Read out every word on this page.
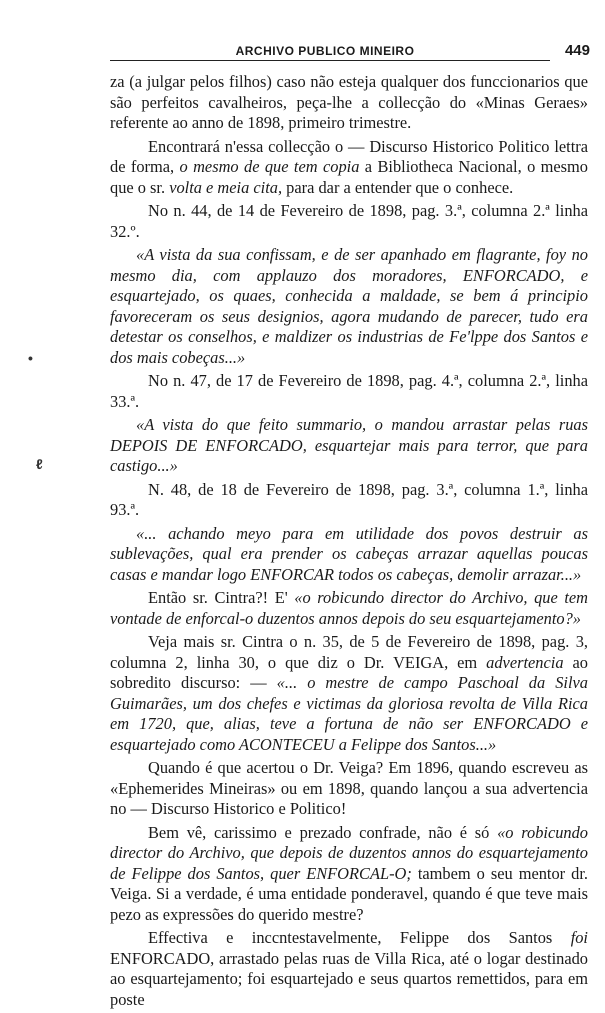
ARCHIVO PUBLICO MINEIRO	449
•
ℓ

za (a julgar pelos filhos) caso não esteja qualquer dos funccionarios que são perfeitos cavalheiros, peça-lhe a collecção do «Minas Geraes» referente ao anno de 1898, primeiro trimestre.

Encontrará n'essa collecção o — Discurso Historico Politico lettra de forma, o mesmo de que tem copia a Bibliotheca Nacional, o mesmo que o sr. volta e meia cita, para dar a entender que o conhece.

No n. 44, de 14 de Fevereiro de 1898, pag. 3.ª, columna 2.ª linha 32.º.

«A vista da sua confissam, e de ser apanhado em flagrante, foy no mesmo dia, com applauzo dos moradores, ENFORCADO, e esquartejado, os quaes, conhecida a maldade, se bem á principio favoreceram os seus designios, agora mudando de parecer, tudo era detestar os conselhos, e maldizer os industrias de Fe'lppe dos Santos e dos mais cobeças...»

No n. 47, de 17 de Fevereiro de 1898, pag. 4.ª, columna 2.ª, linha 33.ª.

«A vista do que feito summario, o mandou arrastar pelas ruas DEPOIS DE ENFORCADO, esquartejar mais para terror, que para castigo...»

N. 48, de 18 de Fevereiro de 1898, pag. 3.ª, columna 1.ª, linha 93.ª.

«... achando meyo para em utilidade dos povos destruir as sublevações, qual era prender os cabeças arrazar aquellas poucas casas e mandar logo ENFORCAR todos os cabeças, demolir arrazar...»

Então sr. Cintra?! E' «o robicundo director do Archivo, que tem vontade de enforcal-o duzentos annos depois do seu esquartejamento?»

Veja mais sr. Cintra o n. 35, de 5 de Fevereiro de 1898, pag. 3, columna 2, linha 30, o que diz o Dr. VEIGA, em advertencia ao sobredito discurso: — «... o mestre de campo Paschoal da Silva Guimarães, um dos chefes e victimas da gloriosa revolta de Villa Rica em 1720, que, alias, teve a fortuna de não ser ENFORCADO e esquartejado como ACONTECEU a Felippe dos Santos...»

Quando é que acertou o Dr. Veiga? Em 1896, quando escreveu as «Ephemerides Mineiras» ou em 1898, quando lançou a sua advertencia no — Discurso Historico e Politico!

Bem vê, carissimo e prezado confrade, não é só «o robicundo director do Archivo, que depois de duzentos annos do esquartejamento de Felippe dos Santos, quer ENFORCAL-O; tambem o seu mentor dr. Veiga. Si a verdade, é uma entidade ponderavel, quando é que teve mais pezo as expressões do querido mestre?

Effectiva e inccntestavelmente, Felippe dos Santos foi ENFORCADO, arrastado pelas ruas de Villa Rica, até o logar destinado ao esquartejamento; foi esquartejado e seus quartos remettidos, para em poste
